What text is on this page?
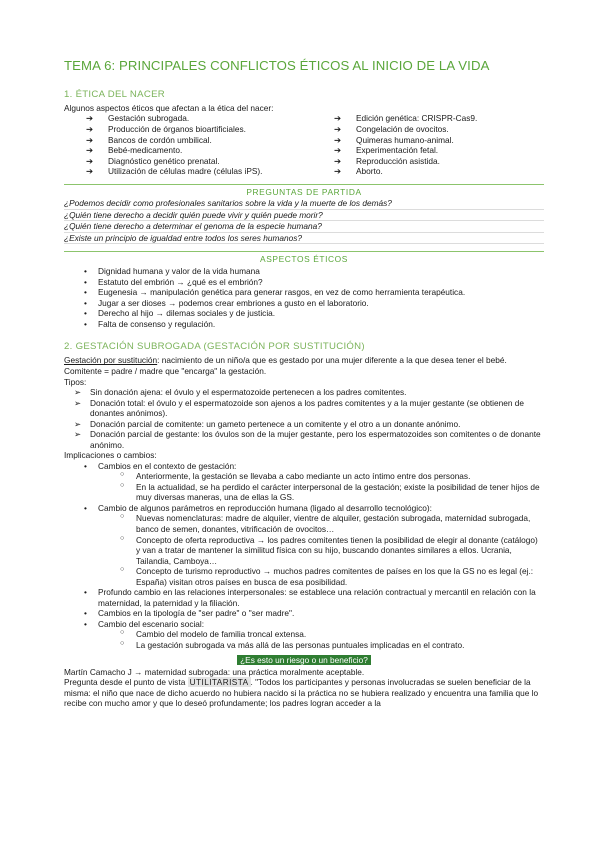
TEMA 6: PRINCIPALES CONFLICTOS ÉTICOS AL INICIO DE LA VIDA
1. ÉTICA DEL NACER

Algunos aspectos éticos que afectan a la ética del nacer:

➔ Gestación subrogada.
➔ Producción de órganos bioartificiales.
➔ Bancos de cordón umbilical.
➔ Bebé-medicamento.
➔ Diagnóstico genético prenatal.
➔ Utilización de células madre (células iPS).
➔ Edición genética: CRISPR-Cas9.
➔ Congelación de ovocitos.
➔ Quimeras humano-animal.
➔ Experimentación fetal.
➔ Reproducción asistida.
➔ Aborto.
PREGUNTAS DE PARTIDA
¿Podemos decidir como profesionales sanitarios sobre la vida y la muerte de los demás?
¿Quién tiene derecho a decidir quién puede vivir y quién puede morir?
¿Quién tiene derecho a determinar el genoma de la especie humana?
¿Existe un principio de igualdad entre todos los seres humanos?
ASPECTOS ÉTICOS
• Dignidad humana y valor de la vida humana
• Estatuto del embrión → ¿qué es el embrión?
• Eugenesia → manipulación genética para generar rasgos, en vez de como herramienta terapéutica.
• Jugar a ser dioses → podemos crear embriones a gusto en el laboratorio.
• Derecho al hijo → dilemas sociales y de justicia.
• Falta de consenso y regulación.
2. GESTACIÓN SUBROGADA (GESTACIÓN POR SUSTITUCIÓN)

Gestación por sustitución: nacimiento de un niño/a que es gestado por una mujer diferente a la que desea tener el bebé. Comitente = padre / madre que "encarga" la gestación.

Tipos:

➢ Sin donación ajena: el óvulo y el espermatozoide pertenecen a los padres comitentes.
➢ Donación total: el óvulo y el espermatozoide son ajenos a los padres comitentes y a la mujer gestante (se obtienen de donantes anónimos).
➢ Donación parcial de comitente: un gameto pertenece a un comitente y el otro a un donante anónimo.
➢ Donación parcial de gestante: los óvulos son de la mujer gestante, pero los espermatozoides son comitentes o de donante anónimo.

Implicaciones o cambios:

• Cambios en el contexto de gestación:
○ Anteriormente, la gestación se llevaba a cabo mediante un acto íntimo entre dos personas.
○ En la actualidad, se ha perdido el carácter interpersonal de la gestación; existe la posibilidad de tener hijos de muy diversas maneras, una de ellas la GS.
• Cambio de algunos parámetros en reproducción humana (ligado al desarrollo tecnológico):
○ Nuevas nomenclaturas: madre de alquiler, vientre de alquiler, gestación subrogada, maternidad subrogada, banco de semen, donantes, vitrificación de ovocitos…
○ Concepto de oferta reproductiva → los padres comitentes tienen la posibilidad de elegir al donante (catálogo) y van a tratar de mantener la similitud física con su hijo, buscando donantes similares a ellos. Ucrania, Tailandia, Camboya…
○ Concepto de turismo reproductivo → muchos padres comitentes de países en los que la GS no es legal (ej.: España) visitan otros países en busca de esa posibilidad.
• Profundo cambio en las relaciones interpersonales: se establece una relación contractual y mercantil en relación con la maternidad, la paternidad y la filiación.
• Cambios en la tipología de "ser padre" o "ser madre".
• Cambio del escenario social:
○ Cambio del modelo de familia troncal extensa.
○ La gestación subrogada va más allá de las personas puntuales implicadas en el contrato.
¿Es esto un riesgo o un beneficio?

Martín Camacho J → maternidad subrogada: una práctica moralmente aceptable.

Pregunta desde el punto de vista UTILITARISTA . "Todos los participantes y personas involucradas se suelen beneficiar de la misma: el niño que nace de dicho acuerdo no hubiera nacido si la práctica no se hubiera realizado y encuentra una familia que lo recibe con mucho amor y que lo deseó profundamente; los padres logran acceder a la
